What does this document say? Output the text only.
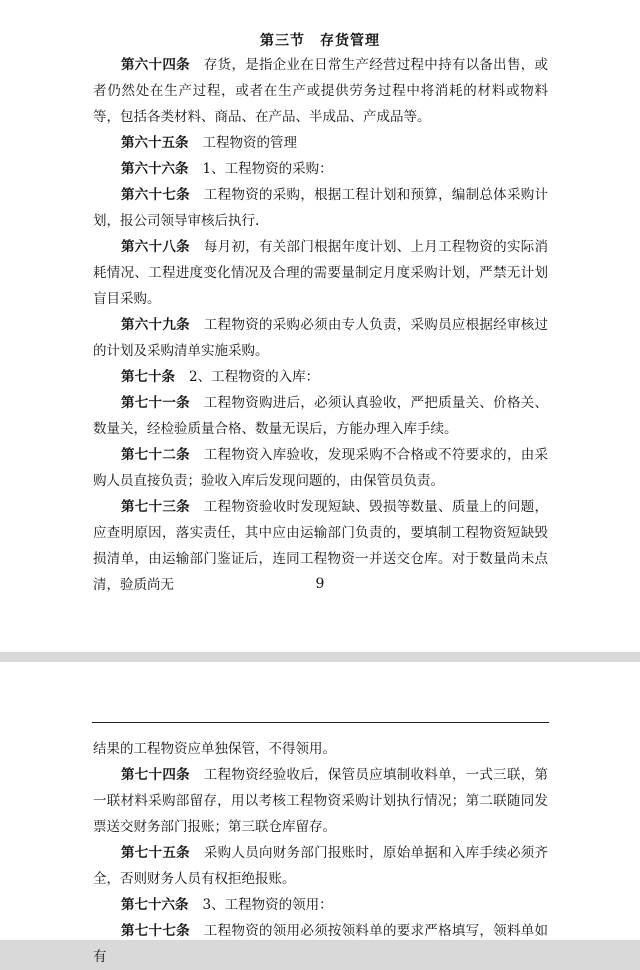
第三节　存货管理

第六十四条 存货，是指企业在日常生产经营过程中持有以备出售，或者仍然处在生产过程，或者在生产或提供劳务过程中将消耗的材料或物料等，包括各类材料、商品、在产品、半成品、产成品等。

第六十五条 工程物资的管理

第六十六条 1、工程物资的采购：

第六十七条 工程物资的采购，根据工程计划和预算，编制总体采购计划，报公司领导审核后执行.

第六十八条 每月初，有关部门根据年度计划、上月工程物资的实际消耗情况、工程进度变化情况及合理的需要量制定月度采购计划，严禁无计划盲目采购。

第六十九条 工程物资的采购必须由专人负责，采购员应根据经审核过的计划及采购清单实施采购。

第七十条 2、工程物资的入库：

第七十一条 工程物资购进后，必须认真验收，严把质量关、价格关、数量关，经检验质量合格、数量无误后，方能办理入库手续。

第七十二条 工程物资入库验收，发现采购不合格或不符要求的，由采购人员直接负责；验收入库后发现问题的，由保管员负责。

第七十三条 工程物资验收时发现短缺、毁损等数量、质量上的问题，应查明原因，落实责任，其中应由运输部门负责的，要填制工程物资短缺毁损清单，由运输部门鉴证后，连同工程物资一并送交仓库。对于数量尚未点清，验质尚无	9

结果的工程物资应单独保管，不得领用。

第七十四条 工程物资经验收后，保管员应填制收料单，一式三联，第一联材料采购部留存，用以考核工程物资采购计划执行情况；第二联随同发票送交财务部门报账；第三联仓库留存。

第七十五条 采购人员向财务部门报账时，原始单据和入库手续必须齐全，否则财务人员有权拒绝报账。

第七十六条 3、工程物资的领用：

第七十七条 工程物资的领用必须按领料单的要求严格填写，领料单如有
